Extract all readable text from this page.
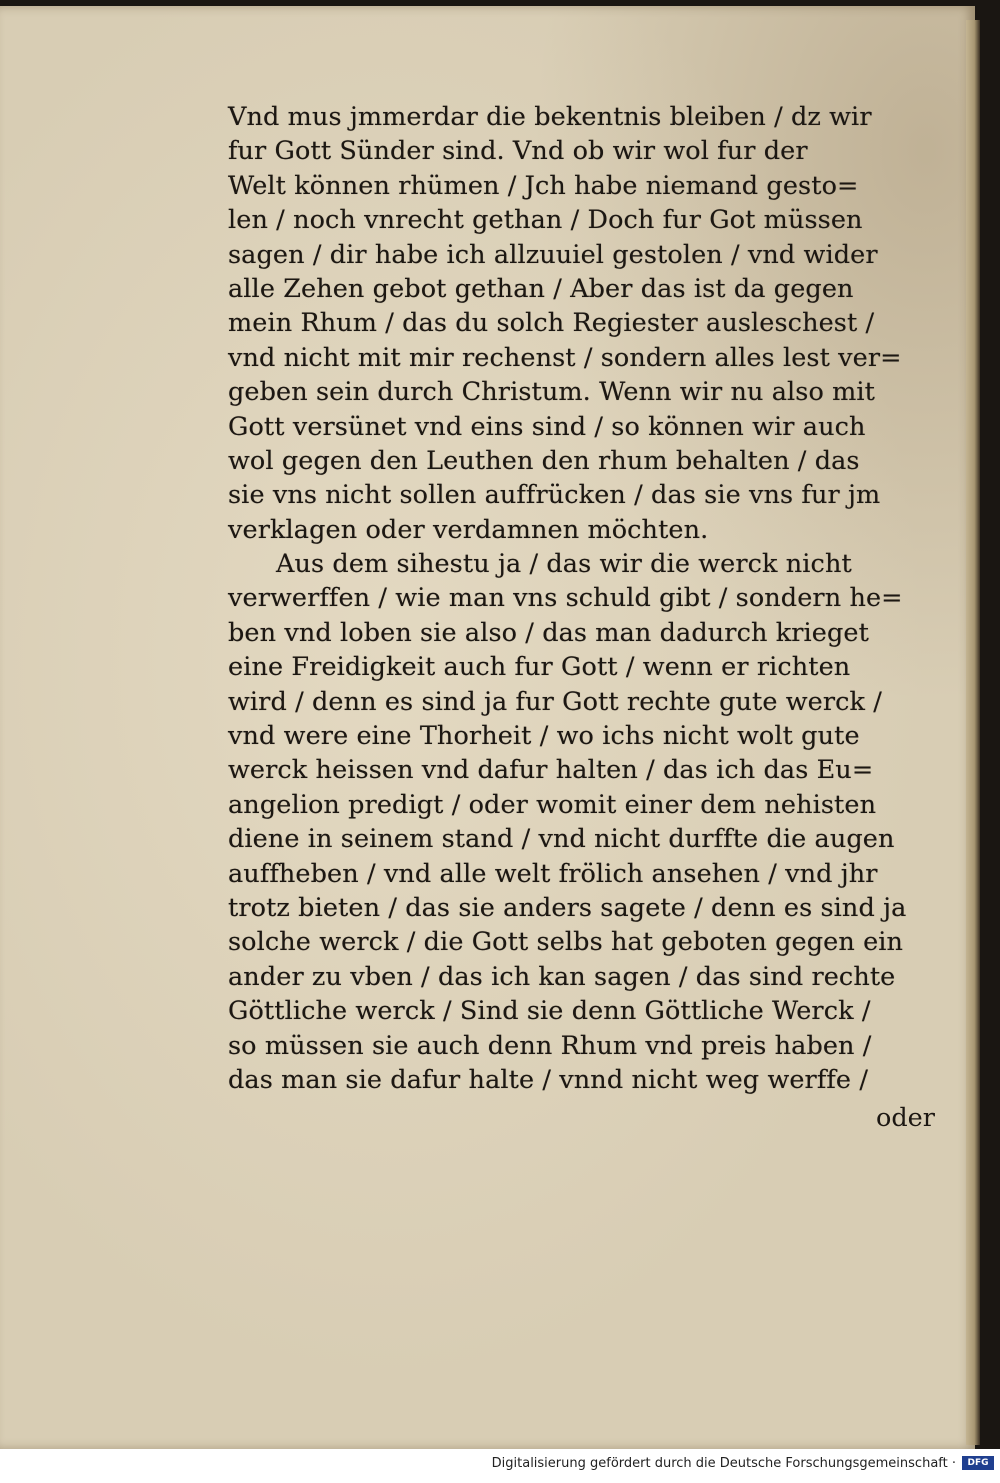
Vnd mus jmmerdar die bekentnis bleiben / dz wir
fur Gott Sünder sind. Vnd ob wir wol fur der
Welt können rhümen / Jch habe niemand gesto=
len / noch vnrecht gethan / Doch fur Got müssen
sagen / dir habe ich allzuuiel gestolen / vnd wider
alle Zehen gebot gethan / Aber das ist da gegen
mein Rhum / das du solch Regiester ausleschest /
vnd nicht mit mir rechenst / sondern alles lest ver=
geben sein durch Christum. Wenn wir nu also mit
Gott versünet vnd eins sind / so können wir auch
wol gegen den Leuthen den rhum behalten / das
sie vns nicht sollen auffrücken / das sie vns fur jm
verklagen oder verdamnen möchten.
Aus dem sihestu ja / das wir die werck nicht
verwerffen / wie man vns schuld gibt / sondern he=
ben vnd loben sie also / das man dadurch krieget
eine Freidigkeit auch fur Gott / wenn er richten
wird / denn es sind ja fur Gott rechte gute werck /
vnd were eine Thorheit / wo ichs nicht wolt gute
werck heissen vnd dafur halten / das ich das Eu=
angelion predigt / oder womit einer dem nehisten
diene in seinem stand / vnd nicht durffte die augen
auffheben / vnd alle welt frölich ansehen / vnd jhr
trotz bieten / das sie anders sagete / denn es sind ja
solche werck / die Gott selbs hat geboten gegen ein
ander zu vben / das ich kan sagen / das sind rechte
Göttliche werck / Sind sie denn Göttliche Werck /
so müssen sie auch denn Rhum vnd preis haben /
das man sie dafur halte / vnnd nicht weg werffe /
oder
Digitalisierung gefördert durch die Deutsche Forschungsgemeinschaft ·	DFG
